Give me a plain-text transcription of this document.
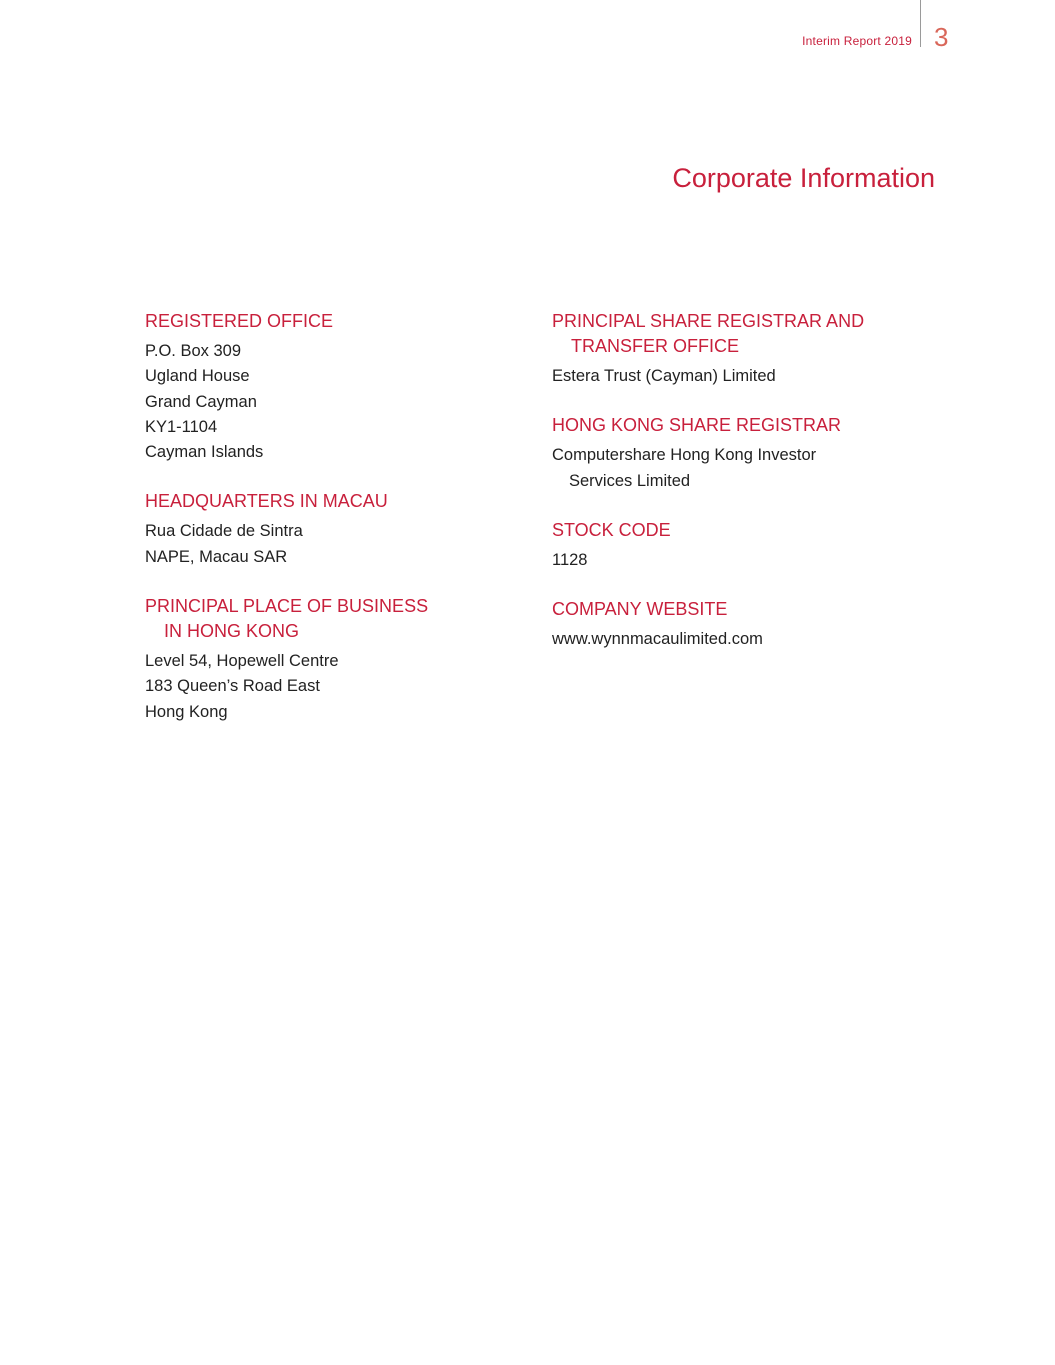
Interim Report 2019 3
Corporate Information
REGISTERED OFFICE
P.O. Box 309
Ugland House
Grand Cayman
KY1-1104
Cayman Islands
HEADQUARTERS IN MACAU
Rua Cidade de Sintra
NAPE, Macau SAR
PRINCIPAL PLACE OF BUSINESS
IN HONG KONG
Level 54, Hopewell Centre
183 Queen’s Road East
Hong Kong
PRINCIPAL SHARE REGISTRAR AND
TRANSFER OFFICE
Estera Trust (Cayman) Limited
HONG KONG SHARE REGISTRAR
Computershare Hong Kong Investor
Services Limited
STOCK CODE
1128
COMPANY WEBSITE
www.wynnmacaulimited.com
